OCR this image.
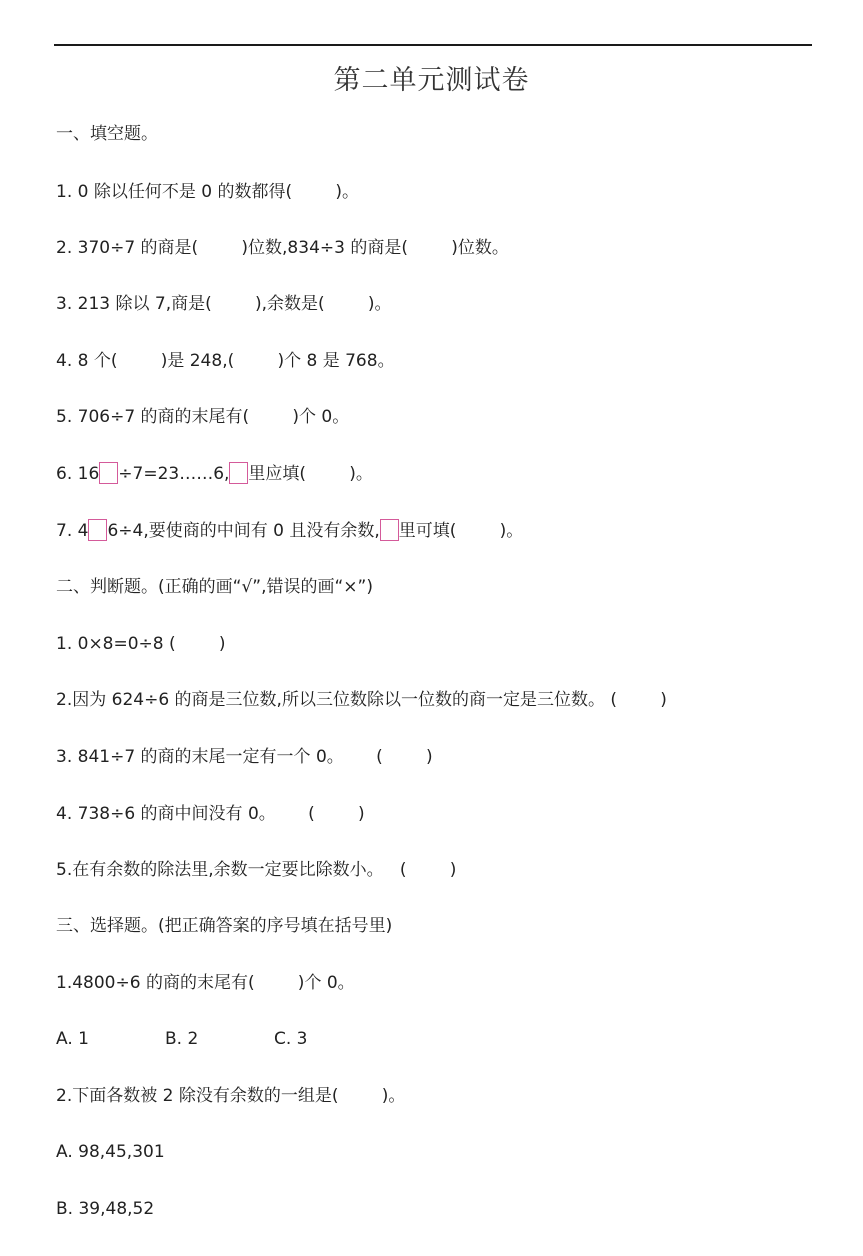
第二单元测试卷
一、填空题。
1. 0 除以任何不是 0 的数都得(        )。
2. 370÷7 的商是(        )位数,834÷3 的商是(        )位数。
3. 213 除以 7,商是(        ),余数是(        )。
4. 8 个(        )是 248,(        )个 8 是 768。
5. 706÷7 的商的末尾有(        )个 0。
6. 16 ÷7=23……6, 里应填(        )。
7. 4 6÷4,要使商的中间有 0 且没有余数, 里可填(        )。
二、判断题。(正确的画“√”,错误的画“×”)
1. 0×8=0÷8 (        )
2.因为 624÷6 的商是三位数,所以三位数除以一位数的商一定是三位数。 (        )
3. 841÷7 的商的末尾一定有一个 0。      (        )
4. 738÷6 的商中间没有 0。      (        )
5.在有余数的除法里,余数一定要比除数小。   (        )
三、选择题。(把正确答案的序号填在括号里)
1.4800÷6 的商的末尾有(        )个 0。
A. 1	B. 2	C. 3
2.下面各数被 2 除没有余数的一组是(        )。
A. 98,45,301
B. 39,48,52
